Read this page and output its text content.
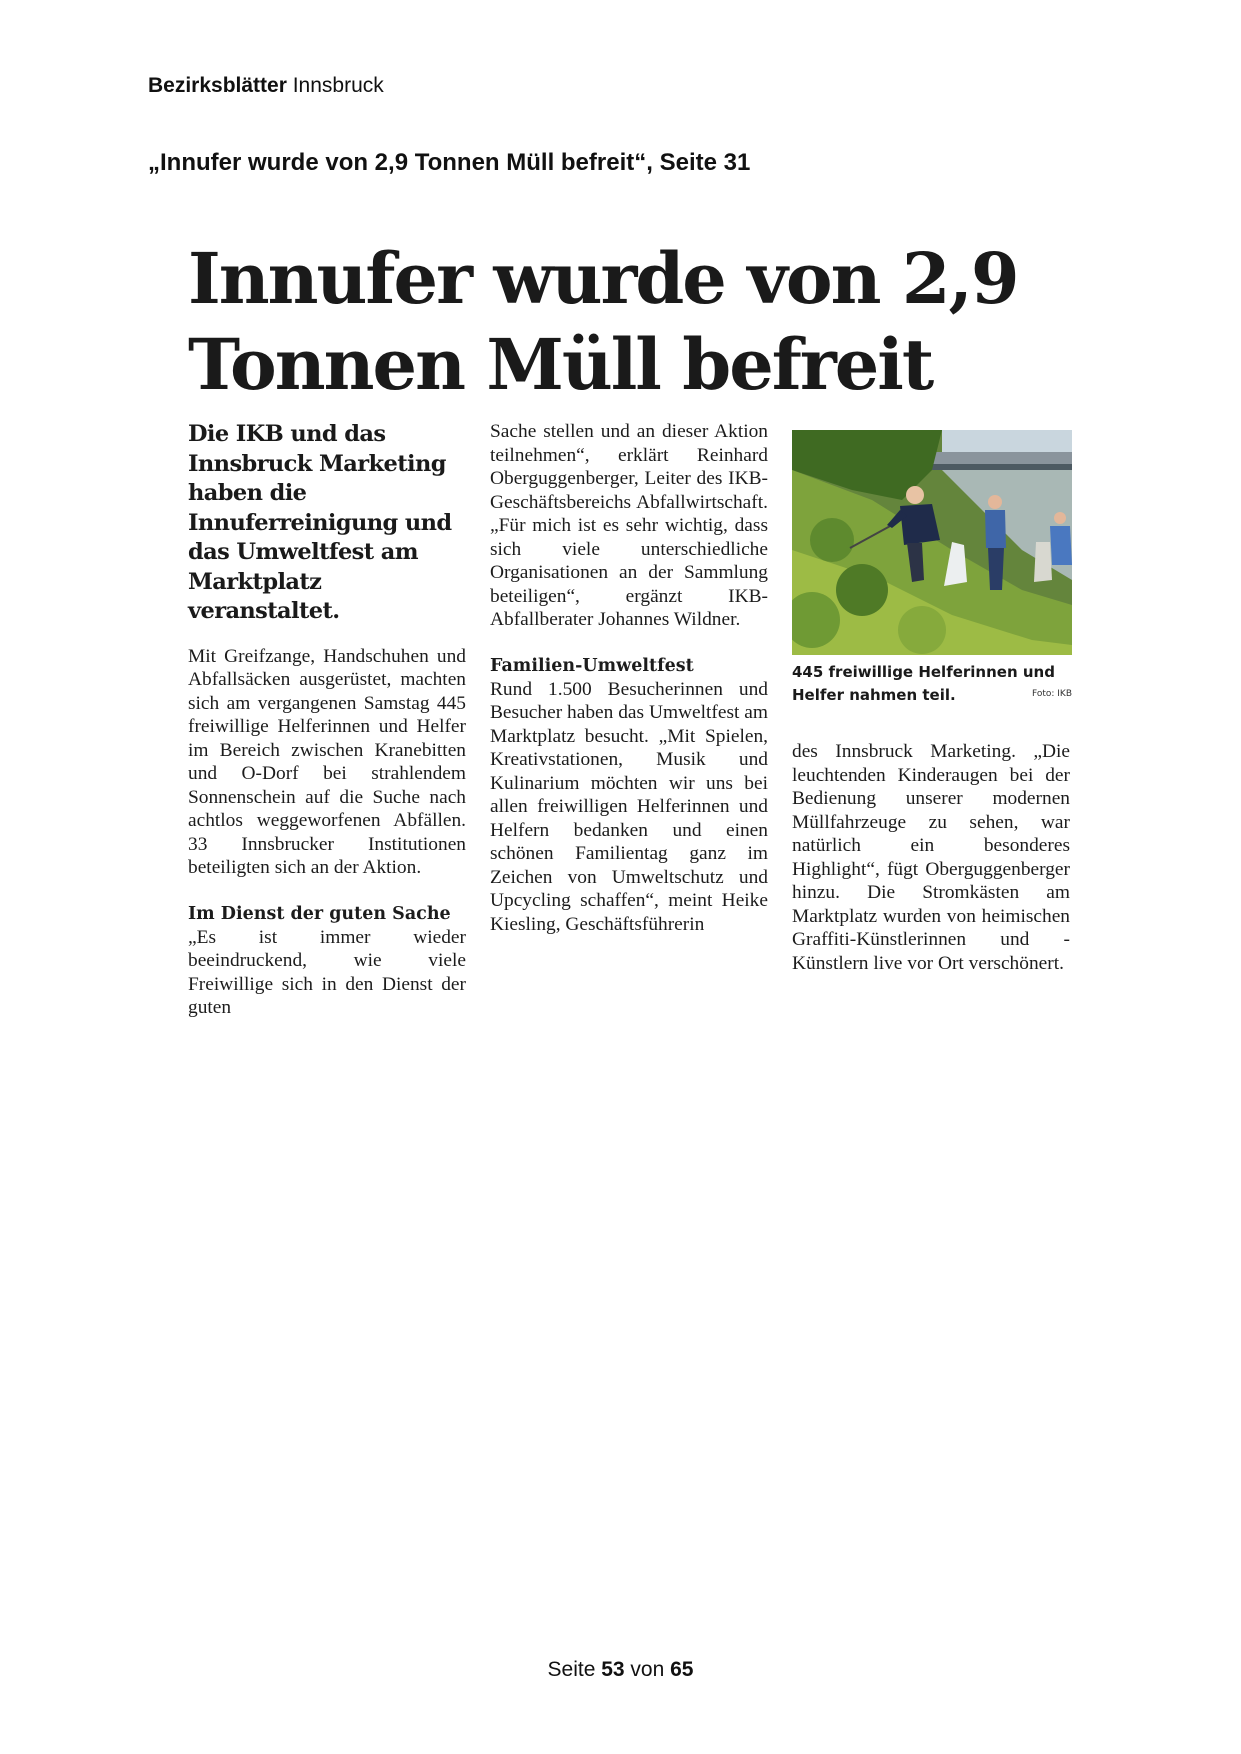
Bezirksblätter Innsbruck
„Innufer wurde von 2,9 Tonnen Müll befreit“, Seite 31
Innufer wurde von 2,9 Tonnen Müll befreit
Die IKB und das Innsbruck Marketing haben die Innuferreinigung und das Umweltfest am Marktplatz veranstaltet.

Mit Greifzange, Handschuhen und Abfallsäcken ausgerüstet, machten sich am vergangenen Samstag 445 freiwillige Helferinnen und Helfer im Bereich zwischen Kranebitten und O-Dorf bei strahlendem Sonnenschein auf die Suche nach achtlos weggeworfenen Abfällen. 33 Innsbrucker Institutionen beteiligten sich an der Aktion.

Im Dienst der guten Sache

„Es ist immer wieder beeindruckend, wie viele Freiwillige sich in den Dienst der guten

Sache stellen und an dieser Aktion teilnehmen“, erklärt Reinhard Oberguggenberger, Leiter des IKB-Geschäftsbereichs Abfallwirtschaft. „Für mich ist es sehr wichtig, dass sich viele unterschiedliche Organisationen an der Sammlung beteiligen“, ergänzt IKB-Abfallberater Johannes Wildner.

Familien-Umweltfest

Rund 1.500 Besucherinnen und Besucher haben das Umweltfest am Marktplatz besucht. „Mit Spielen, Kreativstationen, Musik und Kulinarium möchten wir uns bei allen freiwilligen Helferinnen und Helfern bedanken und einen schönen Familientag ganz im Zeichen von Umweltschutz und Upcycling schaffen“, meint Heike Kiesling, Geschäftsführerin

445 freiwillige Helferinnen und Helfer nahmen teil.	Foto: IKB

des Innsbruck Marketing. „Die leuchtenden Kinderaugen bei der Bedienung unserer modernen Müllfahrzeuge zu sehen, war natürlich ein besonderes Highlight“, fügt Oberguggenberger hinzu. Die Stromkästen am Marktplatz wurden von heimischen Graffiti-Künstlerinnen und -Künstlern live vor Ort verschönert.

Seite 53 von 65
